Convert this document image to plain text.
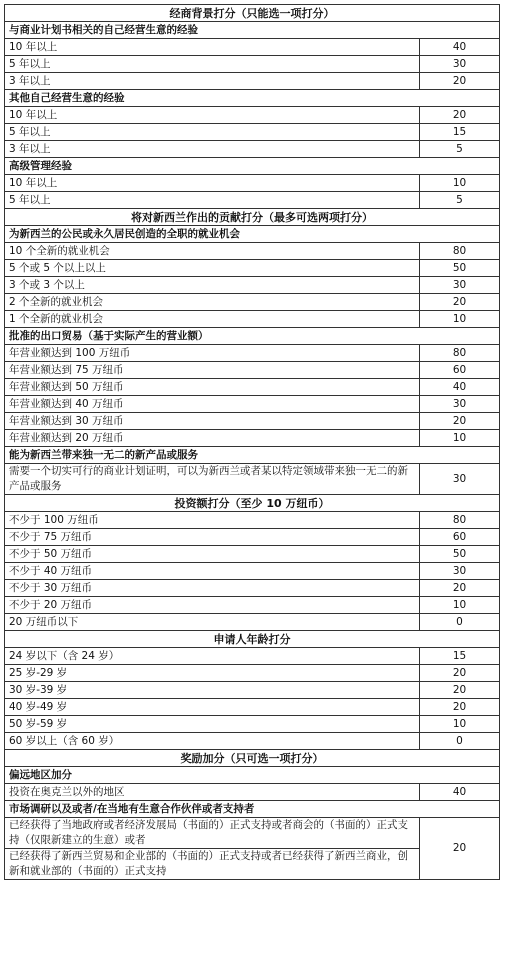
经商背景打分（只能选一项打分）	
与商业计划书相关的自己经营生意的经验	
10 年以上	40
5 年以上	30
3 年以上	20
其他自己经营生意的经验	
10 年以上	20
5 年以上	15
3 年以上	5
高级管理经验	
10 年以上	10
5 年以上	5
将对新西兰作出的贡献打分（最多可选两项打分）	
为新西兰的公民或永久居民创造的全职的就业机会	
10 个全新的就业机会	80
5 个或 5 个以上以上	50
3 个或 3 个以上	30
2 个全新的就业机会	20
1 个全新的就业机会	10
批准的出口贸易（基于实际产生的营业额）	
年营业额达到 100 万纽币	80
年营业额达到 75 万纽币	60
年营业额达到 50 万纽币	40
年营业额达到 40 万纽币	30
年营业额达到 30 万纽币	20
年营业额达到 20 万纽币	10
能为新西兰带来独一无二的新产品或服务	
需要一个切实可行的商业计划证明，可以为新西兰或者某以特定领域带来独一无二的新产品或服务	30
投资额打分（至少 10 万纽币）	
不少于 100 万纽币	80
不少于 75 万纽币	60
不少于 50 万纽币	50
不少于 40 万纽币	30
不少于 30 万纽币	20
不少于 20 万纽币	10
20 万纽币以下	0
申请人年龄打分	
24 岁以下（含 24 岁）	15
25 岁-29 岁	20
30 岁-39 岁	20
40 岁-49 岁	20
50 岁-59 岁	10
60 岁以上（含 60 岁）	0
奖励加分（只可选一项打分）	
偏远地区加分	
投资在奥克兰以外的地区	40
市场调研以及或者/在当地有生意合作伙伴或者支持者	
已经获得了当地政府或者经济发展局（书面的）正式支持或者商会的（书面的）正式支持（仅限新建立的生意）或者	20
已经获得了新西兰贸易和企业部的（书面的）正式支持或者已经获得了新西兰商业，创新和就业部的（书面的）正式支持	
